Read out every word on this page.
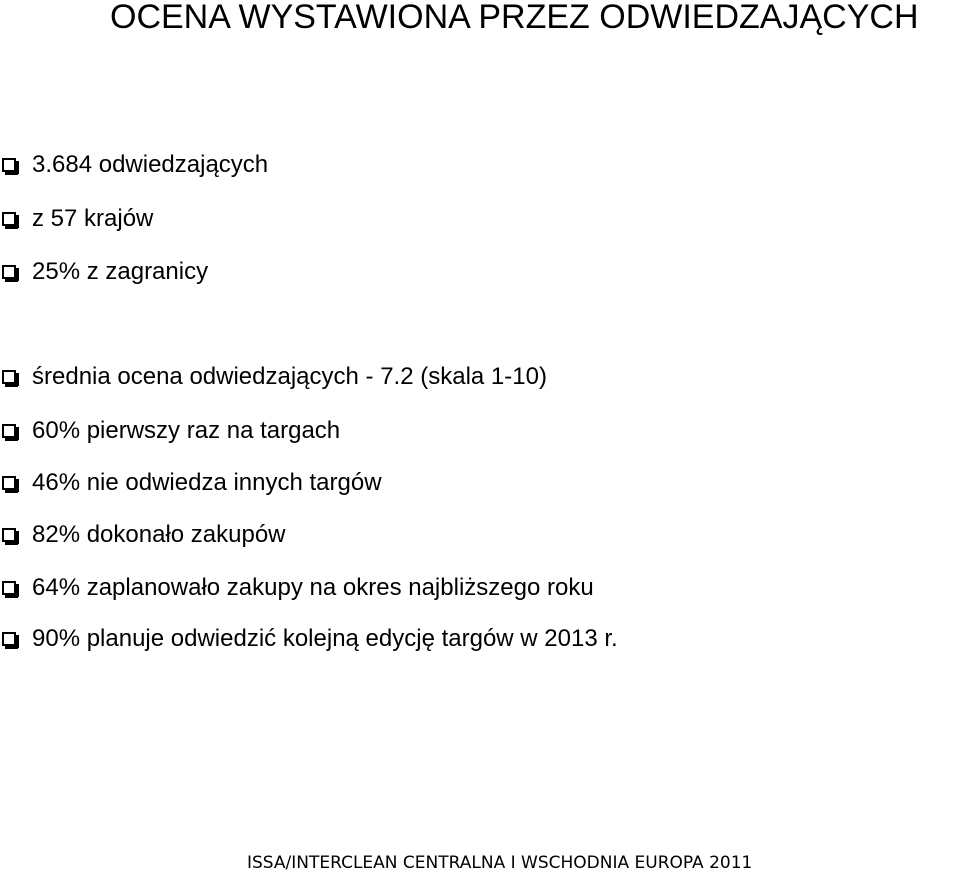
OCENA WYSTAWIONA PRZEZ ODWIEDZAJĄCYCH
3.684 odwiedzających
z 57 krajów
25% z zagranicy
średnia ocena odwiedzających - 7.2 (skala 1-10)
60% pierwszy raz na targach
46% nie odwiedza innych targów
82% dokonało zakupów
64% zaplanowało zakupy na okres najbliższego roku
90% planuje odwiedzić kolejną edycję targów w 2013 r.
ISSA/INTERCLEAN CENTRALNA I WSCHODNIA EUROPA 2011
